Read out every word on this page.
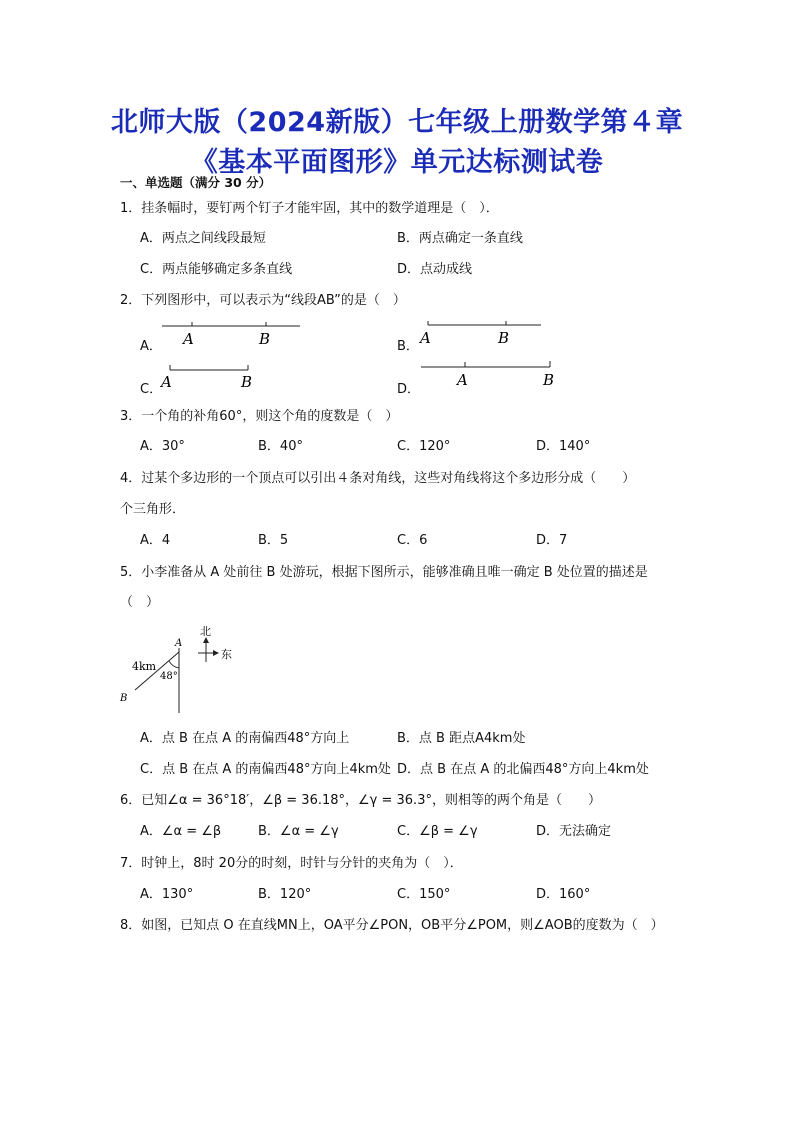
北师大版（2024新版）七年级上册数学第４章
《基本平面图形》单元达标测试卷
一、单选题（满分 30 分）
1．挂条幅时，要钉两个钉子才能牢固，其中的数学道理是（　）．
A．两点之间线段最短	B．两点确定一条直线
C．两点能够确定多条直线	D．点动成线
2．下列图形中，可以表示为“线段AB”的是（　）
A．	B．
C．	D．
A	B	A	B
A	B	A	B
A
B
4km
48°
北
东
3．一个角的补角60°，则这个角的度数是（　）
A．30°	B．40°	C．120°	D．140°
4．过某个多边形的一个顶点可以引出４条对角线，这些对角线将这个多边形分成（　　）
个三角形．
A．4	B．5	C．6	D．7
5．小李准备从 A 处前往 B 处游玩，根据下图所示，能够准确且唯一确定 B 处位置的描述是
（　）
A．点 B 在点 A 的南偏西48°方向上	B．点 B 距点A4km处
C．点 B 在点 A 的南偏西48°方向上4km处 D．点 B 在点 A 的北偏西48°方向上4km处
6．已知∠α = 36°18′，∠β = 36.18°，∠γ = 36.3°，则相等的两个角是（　　）
A．∠α = ∠β	B．∠α = ∠γ	C．∠β = ∠γ	D．无法确定
7．时钟上，8时 20分的时刻，时针与分针的夹角为（　）．
A．130°	B．120°	C．150°	D．160°
8．如图，已知点 O 在直线MN上，OA平分∠PON，OB平分∠POM，则∠AOB的度数为（　）
